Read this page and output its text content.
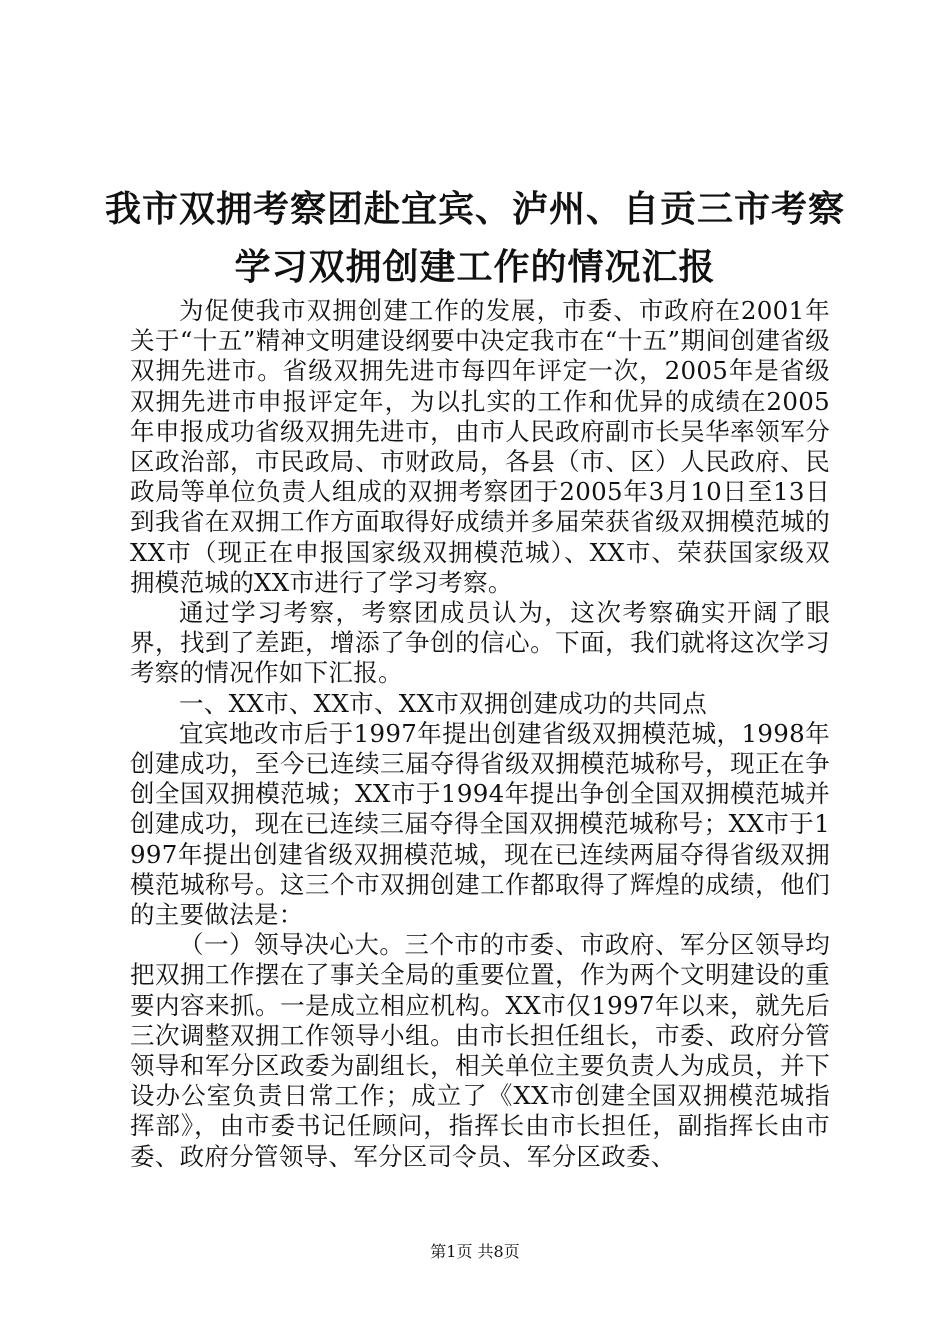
我市双拥考察团赴宜宾、泸州、自贡三市考察
学习双拥创建工作的情况汇报

为促使我市双拥创建工作的发展，市委、市政府在2001年关于“十五”精神文明建设纲要中决定我市在“十五”期间创建省级双拥先进市。省级双拥先进市每四年评定一次，2005年是省级双拥先进市申报评定年，为以扎实的工作和优异的成绩在2005年申报成功省级双拥先进市，由市人民政府副市长吴华率领军分区政治部，市民政局、市财政局，各县（市、区）人民政府、民政局等单位负责人组成的双拥考察团于2005年3月10日至13日到我省在双拥工作方面取得好成绩并多届荣获省级双拥模范城的XX市（现正在申报国家级双拥模范城）、XX市、荣获国家级双拥模范城的XX市进行了学习考察。

通过学习考察，考察团成员认为，这次考察确实开阔了眼界，找到了差距，增添了争创的信心。下面，我们就将这次学习考察的情况作如下汇报。

一、XX市、XX市、XX市双拥创建成功的共同点

宜宾地改市后于1997年提出创建省级双拥模范城，1998年创建成功，至今已连续三届夺得省级双拥模范城称号，现正在争创全国双拥模范城；XX市于1994年提出争创全国双拥模范城并创建成功，现在已连续三届夺得全国双拥模范城称号；XX市于1997年提出创建省级双拥模范城，现在已连续两届夺得省级双拥模范城称号。这三个市双拥创建工作都取得了辉煌的成绩，他们的主要做法是：

（一）领导决心大。三个市的市委、市政府、军分区领导均把双拥工作摆在了事关全局的重要位置，作为两个文明建设的重要内容来抓。一是成立相应机构。XX市仅1997年以来，就先后三次调整双拥工作领导小组。由市长担任组长，市委、政府分管领导和军分区政委为副组长，相关单位主要负责人为成员，并下设办公室负责日常工作；成立了《XX市创建全国双拥模范城指挥部》，由市委书记任顾问，指挥长由市长担任，副指挥长由市委、政府分管领导、军分区司令员、军分区政委、

第1页 共8页
